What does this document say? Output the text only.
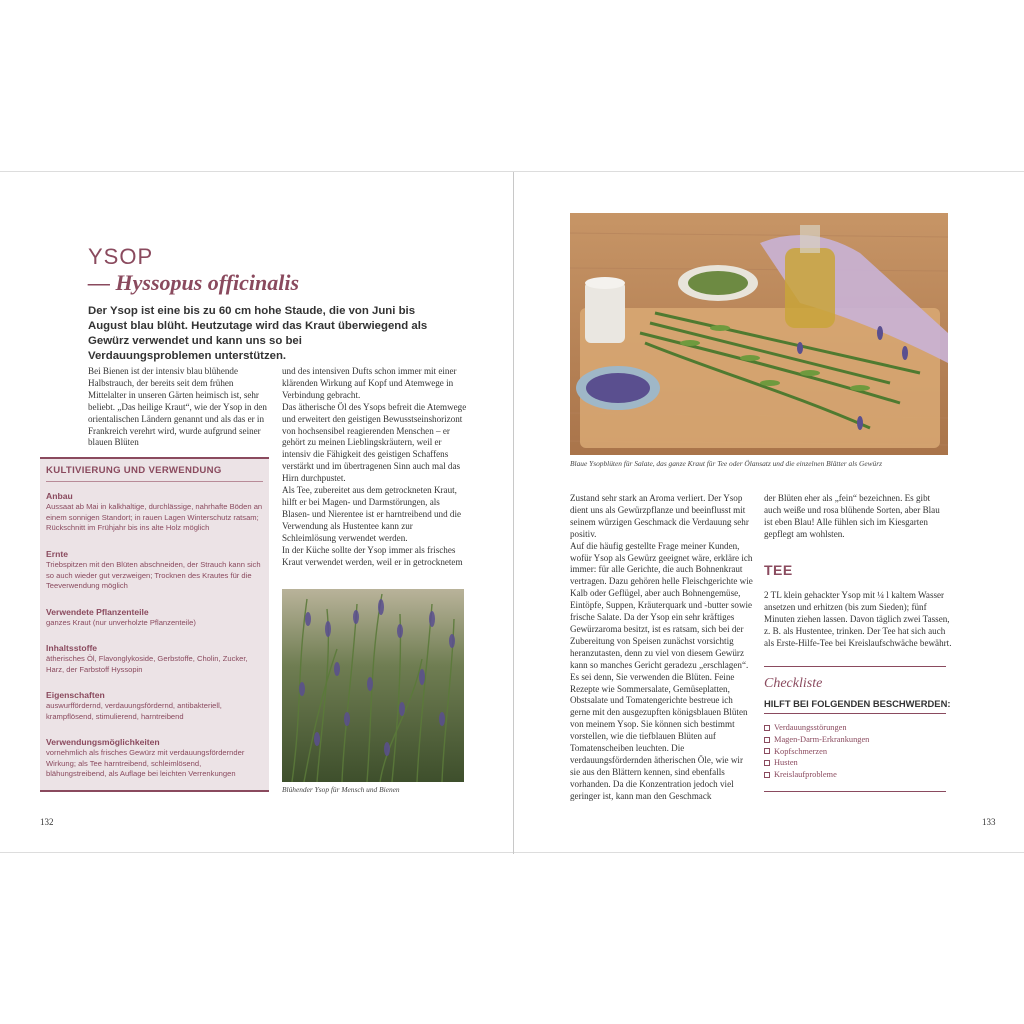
YSOP
— Hyssopus officinalis

Der Ysop ist eine bis zu 60 cm hohe Staude, die von Juni bis August blau blüht. Heutzutage wird das Kraut überwiegend als Gewürz verwendet und kann uns so bei Verdauungsproblemen unterstützen.

Bei Bienen ist der intensiv blau blühende Halbstrauch, der bereits seit dem frühen Mittelalter in unseren Gärten heimisch ist, sehr beliebt. „Das heilige Kraut“, wie der Ysop in den orientalischen Ländern genannt und als das er in Frankreich verehrt wird, wurde aufgrund seiner blauen Blüten

und des intensiven Dufts schon immer mit einer klärenden Wirkung auf Kopf und Atemwege in Verbindung gebracht.
Das ätherische Öl des Ysops befreit die Atemwege und erweitert den geistigen Bewusstseinshorizont von hochsensibel reagierenden Menschen – er gehört zu meinen Lieblingskräutern, weil er intensiv die Fähigkeit des geistigen Schaffens verstärkt und im übertragenen Sinn auch mal das Hirn durchpustet.
Als Tee, zubereitet aus dem getrockneten Kraut, hilft er bei Magen- und Darmstörungen, als Blasen- und Nierentee ist er harntreibend und die Verwendung als Hustentee kann zur Schleimlösung verwendet werden.
In der Küche sollte der Ysop immer als frisches Kraut verwendet werden, weil er in getrocknetem

KULTIVIERUNG UND VERWENDUNG

Anbau

Aussaat ab Mai in kalkhaltige, durchlässige, nahrhafte Böden an einem sonnigen Standort; in rauen Lagen Winterschutz ratsam; Rückschnitt im Frühjahr bis ins alte Holz möglich

Ernte

Triebspitzen mit den Blüten abschneiden, der Strauch kann sich so auch wieder gut verzweigen; Trocknen des Krautes für die Teeverwendung möglich

Verwendete Pflanzenteile

ganzes Kraut (nur unverholzte Pflanzenteile)

Inhaltsstoffe

ätherisches Öl, Flavonglykoside, Gerbstoffe, Cholin, Zucker, Harz, der Farbstoff Hyssopin

Eigenschaften

auswurffördernd, verdauungsfördernd, antibakteriell, krampflösend, stimulierend, harntreibend

Verwendungsmöglichkeiten

vornehmlich als frisches Gewürz mit verdauungsfördernder Wirkung; als Tee harntreibend, schleimlösend, blähungstreibend, als Auflage bei leichten Verrenkungen

Blühender Ysop für Mensch und Bienen

132

Blaue Ysopblüten für Salate, das ganze Kraut für Tee oder Ölansatz und die einzelnen Blätter als Gewürz

Zustand sehr stark an Aroma verliert. Der Ysop dient uns als Gewürzpflanze und beeinflusst mit seinem würzigen Geschmack die Verdauung sehr positiv.
Auf die häufig gestellte Frage meiner Kunden, wofür Ysop als Gewürz geeignet wäre, erkläre ich immer: für alle Gerichte, die auch Bohnenkraut vertragen. Dazu gehören helle Fleischgerichte wie Kalb oder Geflügel, aber auch Bohnengemüse, Eintöpfe, Suppen, Kräuterquark und -butter sowie frische Salate. Da der Ysop ein sehr kräftiges Gewürzaroma besitzt, ist es ratsam, sich bei der Zubereitung von Speisen zunächst vorsichtig heranzutasten, denn zu viel von diesem Gewürz kann so manches Gericht geradezu „erschlagen“. Es sei denn, Sie verwenden die Blüten. Feine Rezepte wie Sommersalate, Gemüseplatten, Obstsalate und Tomatengerichte bestreue ich gerne mit den ausgezupften königsblauen Blüten von meinem Ysop. Sie können sich bestimmt vorstellen, wie die tiefblauen Blüten auf Tomatenscheiben leuchten. Die verdauungsfördernden ätherischen Öle, wie wir sie aus den Blättern kennen, sind ebenfalls vorhanden. Da die Konzentration jedoch viel geringer ist, kann man den Geschmack

der Blüten eher als „fein“ bezeichnen. Es gibt auch weiße und rosa blühende Sorten, aber Blau ist eben Blau! Alle fühlen sich im Kiesgarten gepflegt am wohlsten.

TEE

2 TL klein gehackter Ysop mit ¼ l kaltem Wasser ansetzen und erhitzen (bis zum Sieden); fünf Minuten ziehen lassen. Davon täglich zwei Tassen, z. B. als Hustentee, trinken. Der Tee hat sich auch als Erste-Hilfe-Tee bei Kreislaufschwäche bewährt.

Checkliste

HILFT BEI FOLGENDEN BESCHWERDEN:

Verdauungsstörungen
Magen-Darm-Erkrankungen
Kopfschmerzen
Husten
Kreislaufprobleme

133
